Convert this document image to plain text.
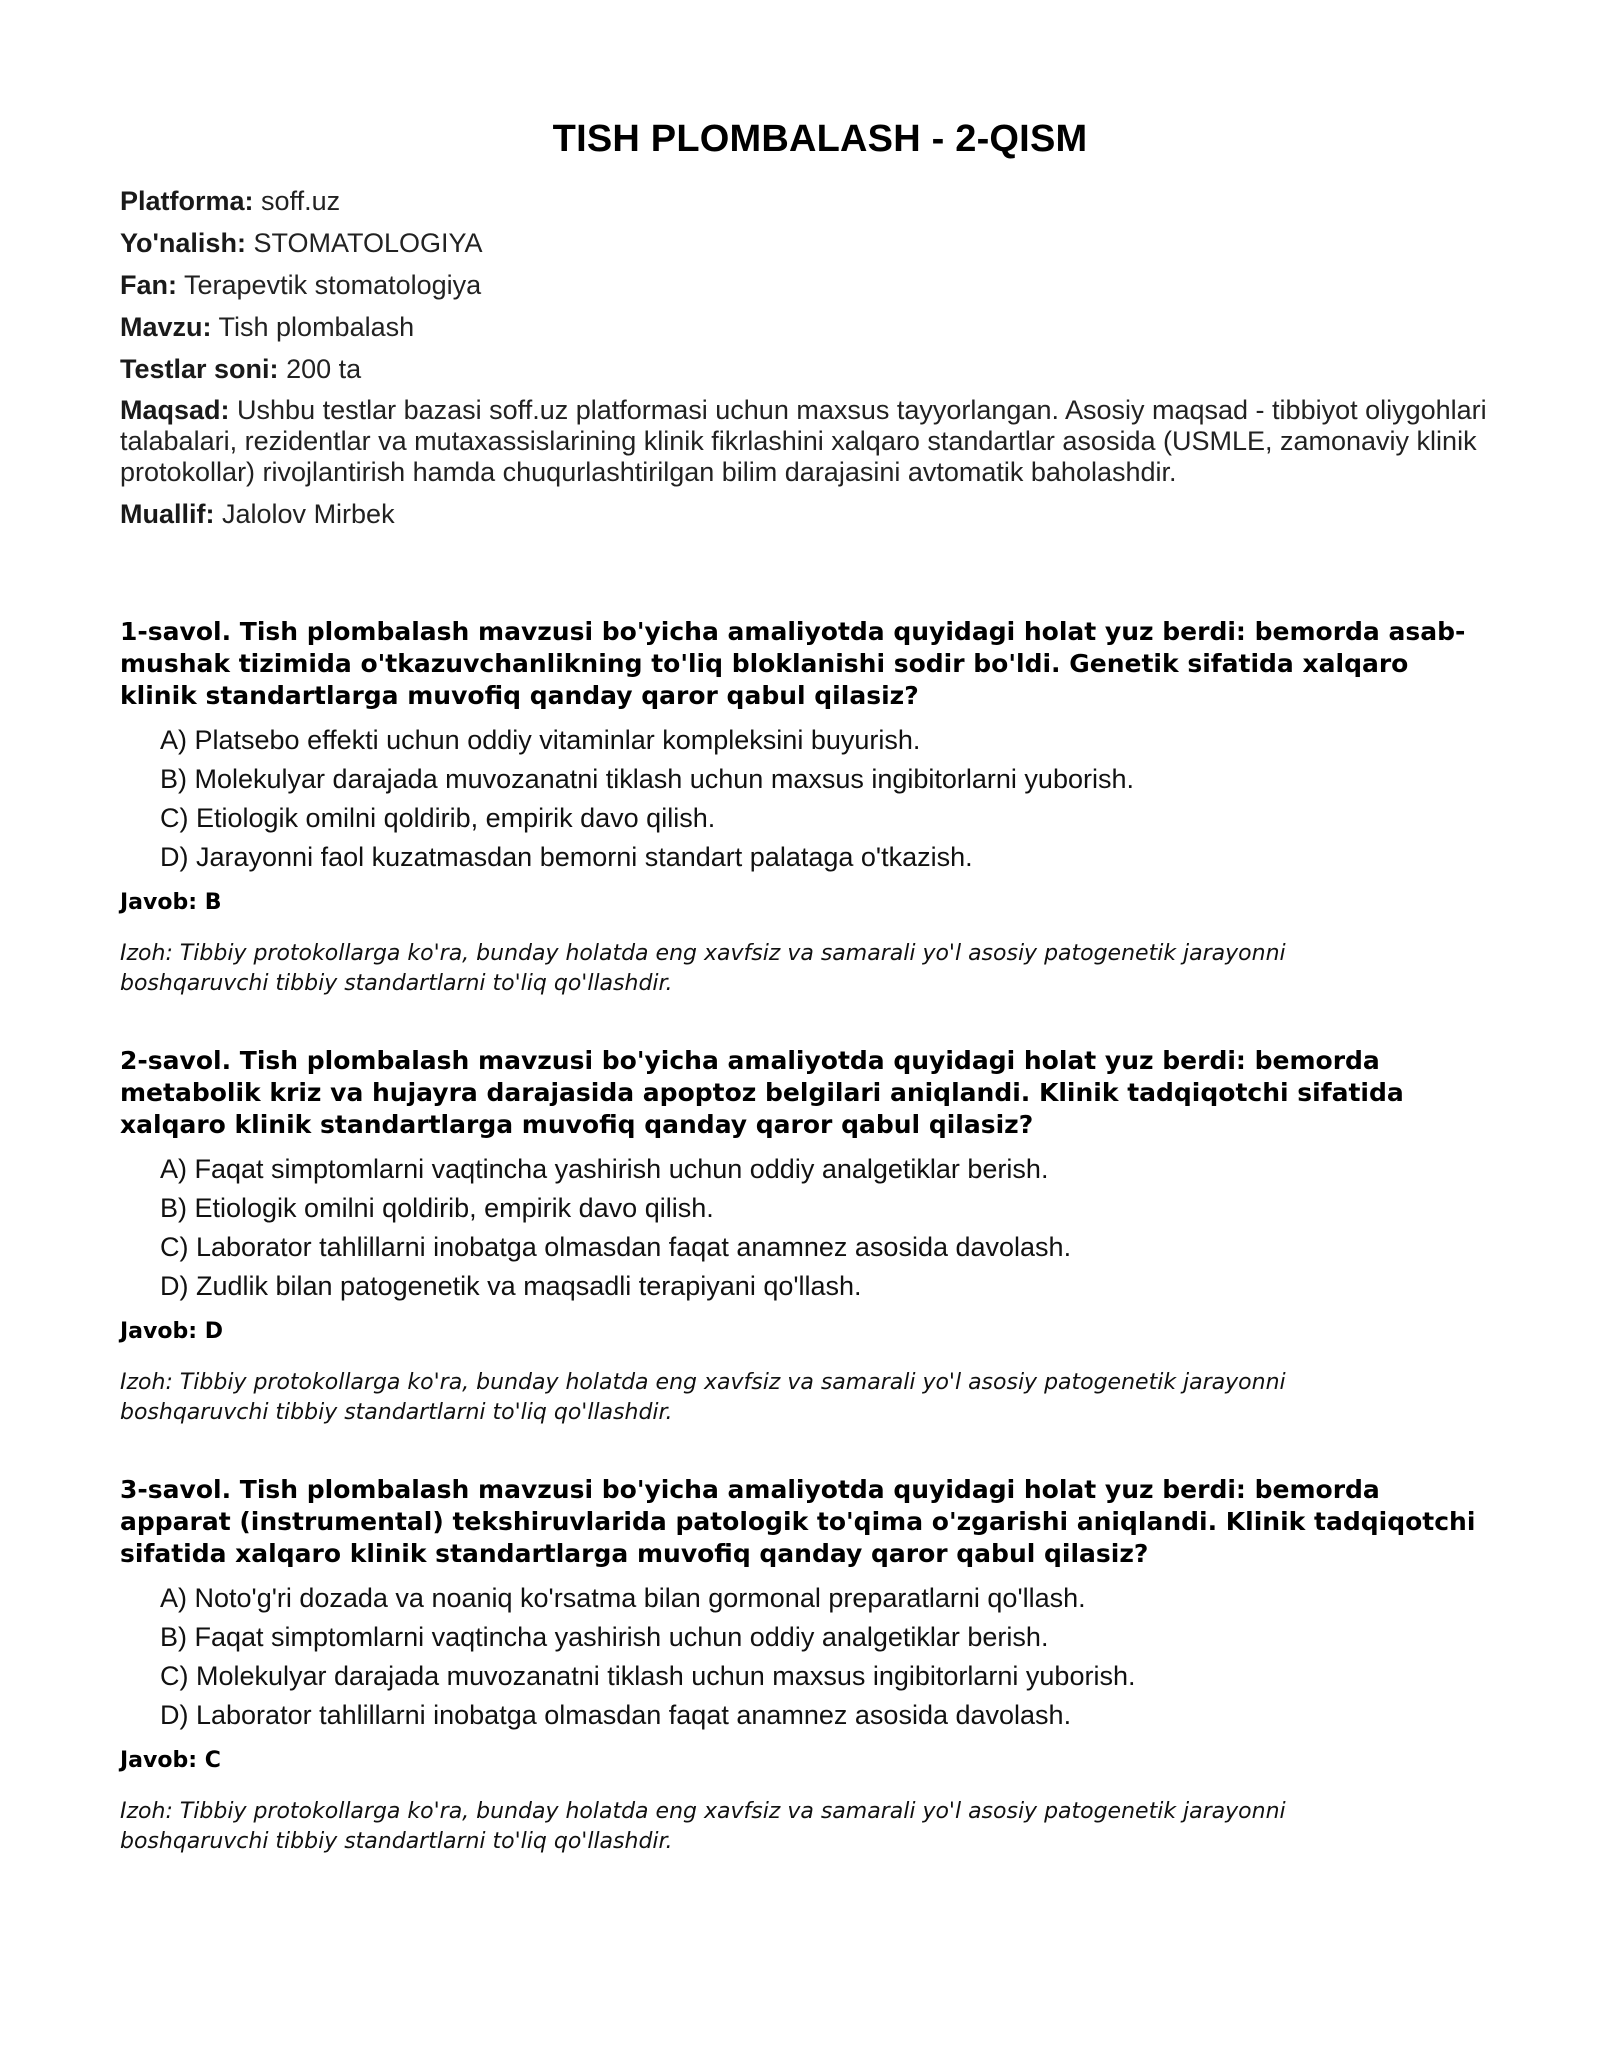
TISH PLOMBALASH - 2-QISM

Platforma: soff.uz

Yo'nalish: STOMATOLOGIYA

Fan: Terapevtik stomatologiya

Mavzu: Tish plombalash

Testlar soni: 200 ta

Maqsad: Ushbu testlar bazasi soff.uz platformasi uchun maxsus tayyorlangan. Asosiy maqsad - tibbiyot oliygohlari talabalari, rezidentlar va mutaxassislarining klinik fikrlashini xalqaro standartlar asosida (USMLE, zamonaviy klinik protokollar) rivojlantirish hamda chuqurlashtirilgan bilim darajasini avtomatik baholashdir.

Muallif: Jalolov Mirbek

1-savol. Tish plombalash mavzusi bo'yicha amaliyotda quyidagi holat yuz berdi: bemorda asab-mushak tizimida o'tkazuvchanlikning to'liq bloklanishi sodir bo'ldi. Genetik sifatida xalqaro klinik standartlarga muvofiq qanday qaror qabul qilasiz?

A) Platsebo effekti uchun oddiy vitaminlar kompleksini buyurish.

B) Molekulyar darajada muvozanatni tiklash uchun maxsus ingibitorlarni yuborish.

C) Etiologik omilni qoldirib, empirik davo qilish.

D) Jarayonni faol kuzatmasdan bemorni standart palataga o'tkazish.

Javob: B

Izoh: Tibbiy protokollarga ko'ra, bunday holatda eng xavfsiz va samarali yo'l asosiy patogenetik jarayonni boshqaruvchi tibbiy standartlarni to'liq qo'llashdir.

2-savol. Tish plombalash mavzusi bo'yicha amaliyotda quyidagi holat yuz berdi: bemorda metabolik kriz va hujayra darajasida apoptoz belgilari aniqlandi. Klinik tadqiqotchi sifatida xalqaro klinik standartlarga muvofiq qanday qaror qabul qilasiz?

A) Faqat simptomlarni vaqtincha yashirish uchun oddiy analgetiklar berish.

B) Etiologik omilni qoldirib, empirik davo qilish.

C) Laborator tahlillarni inobatga olmasdan faqat anamnez asosida davolash.

D) Zudlik bilan patogenetik va maqsadli terapiyani qo'llash.

Javob: D

Izoh: Tibbiy protokollarga ko'ra, bunday holatda eng xavfsiz va samarali yo'l asosiy patogenetik jarayonni boshqaruvchi tibbiy standartlarni to'liq qo'llashdir.

3-savol. Tish plombalash mavzusi bo'yicha amaliyotda quyidagi holat yuz berdi: bemorda apparat (instrumental) tekshiruvlarida patologik to'qima o'zgarishi aniqlandi. Klinik tadqiqotchi sifatida xalqaro klinik standartlarga muvofiq qanday qaror qabul qilasiz?

A) Noto'g'ri dozada va noaniq ko'rsatma bilan gormonal preparatlarni qo'llash.

B) Faqat simptomlarni vaqtincha yashirish uchun oddiy analgetiklar berish.

C) Molekulyar darajada muvozanatni tiklash uchun maxsus ingibitorlarni yuborish.

D) Laborator tahlillarni inobatga olmasdan faqat anamnez asosida davolash.

Javob: C

Izoh: Tibbiy protokollarga ko'ra, bunday holatda eng xavfsiz va samarali yo'l asosiy patogenetik jarayonni boshqaruvchi tibbiy standartlarni to'liq qo'llashdir.
